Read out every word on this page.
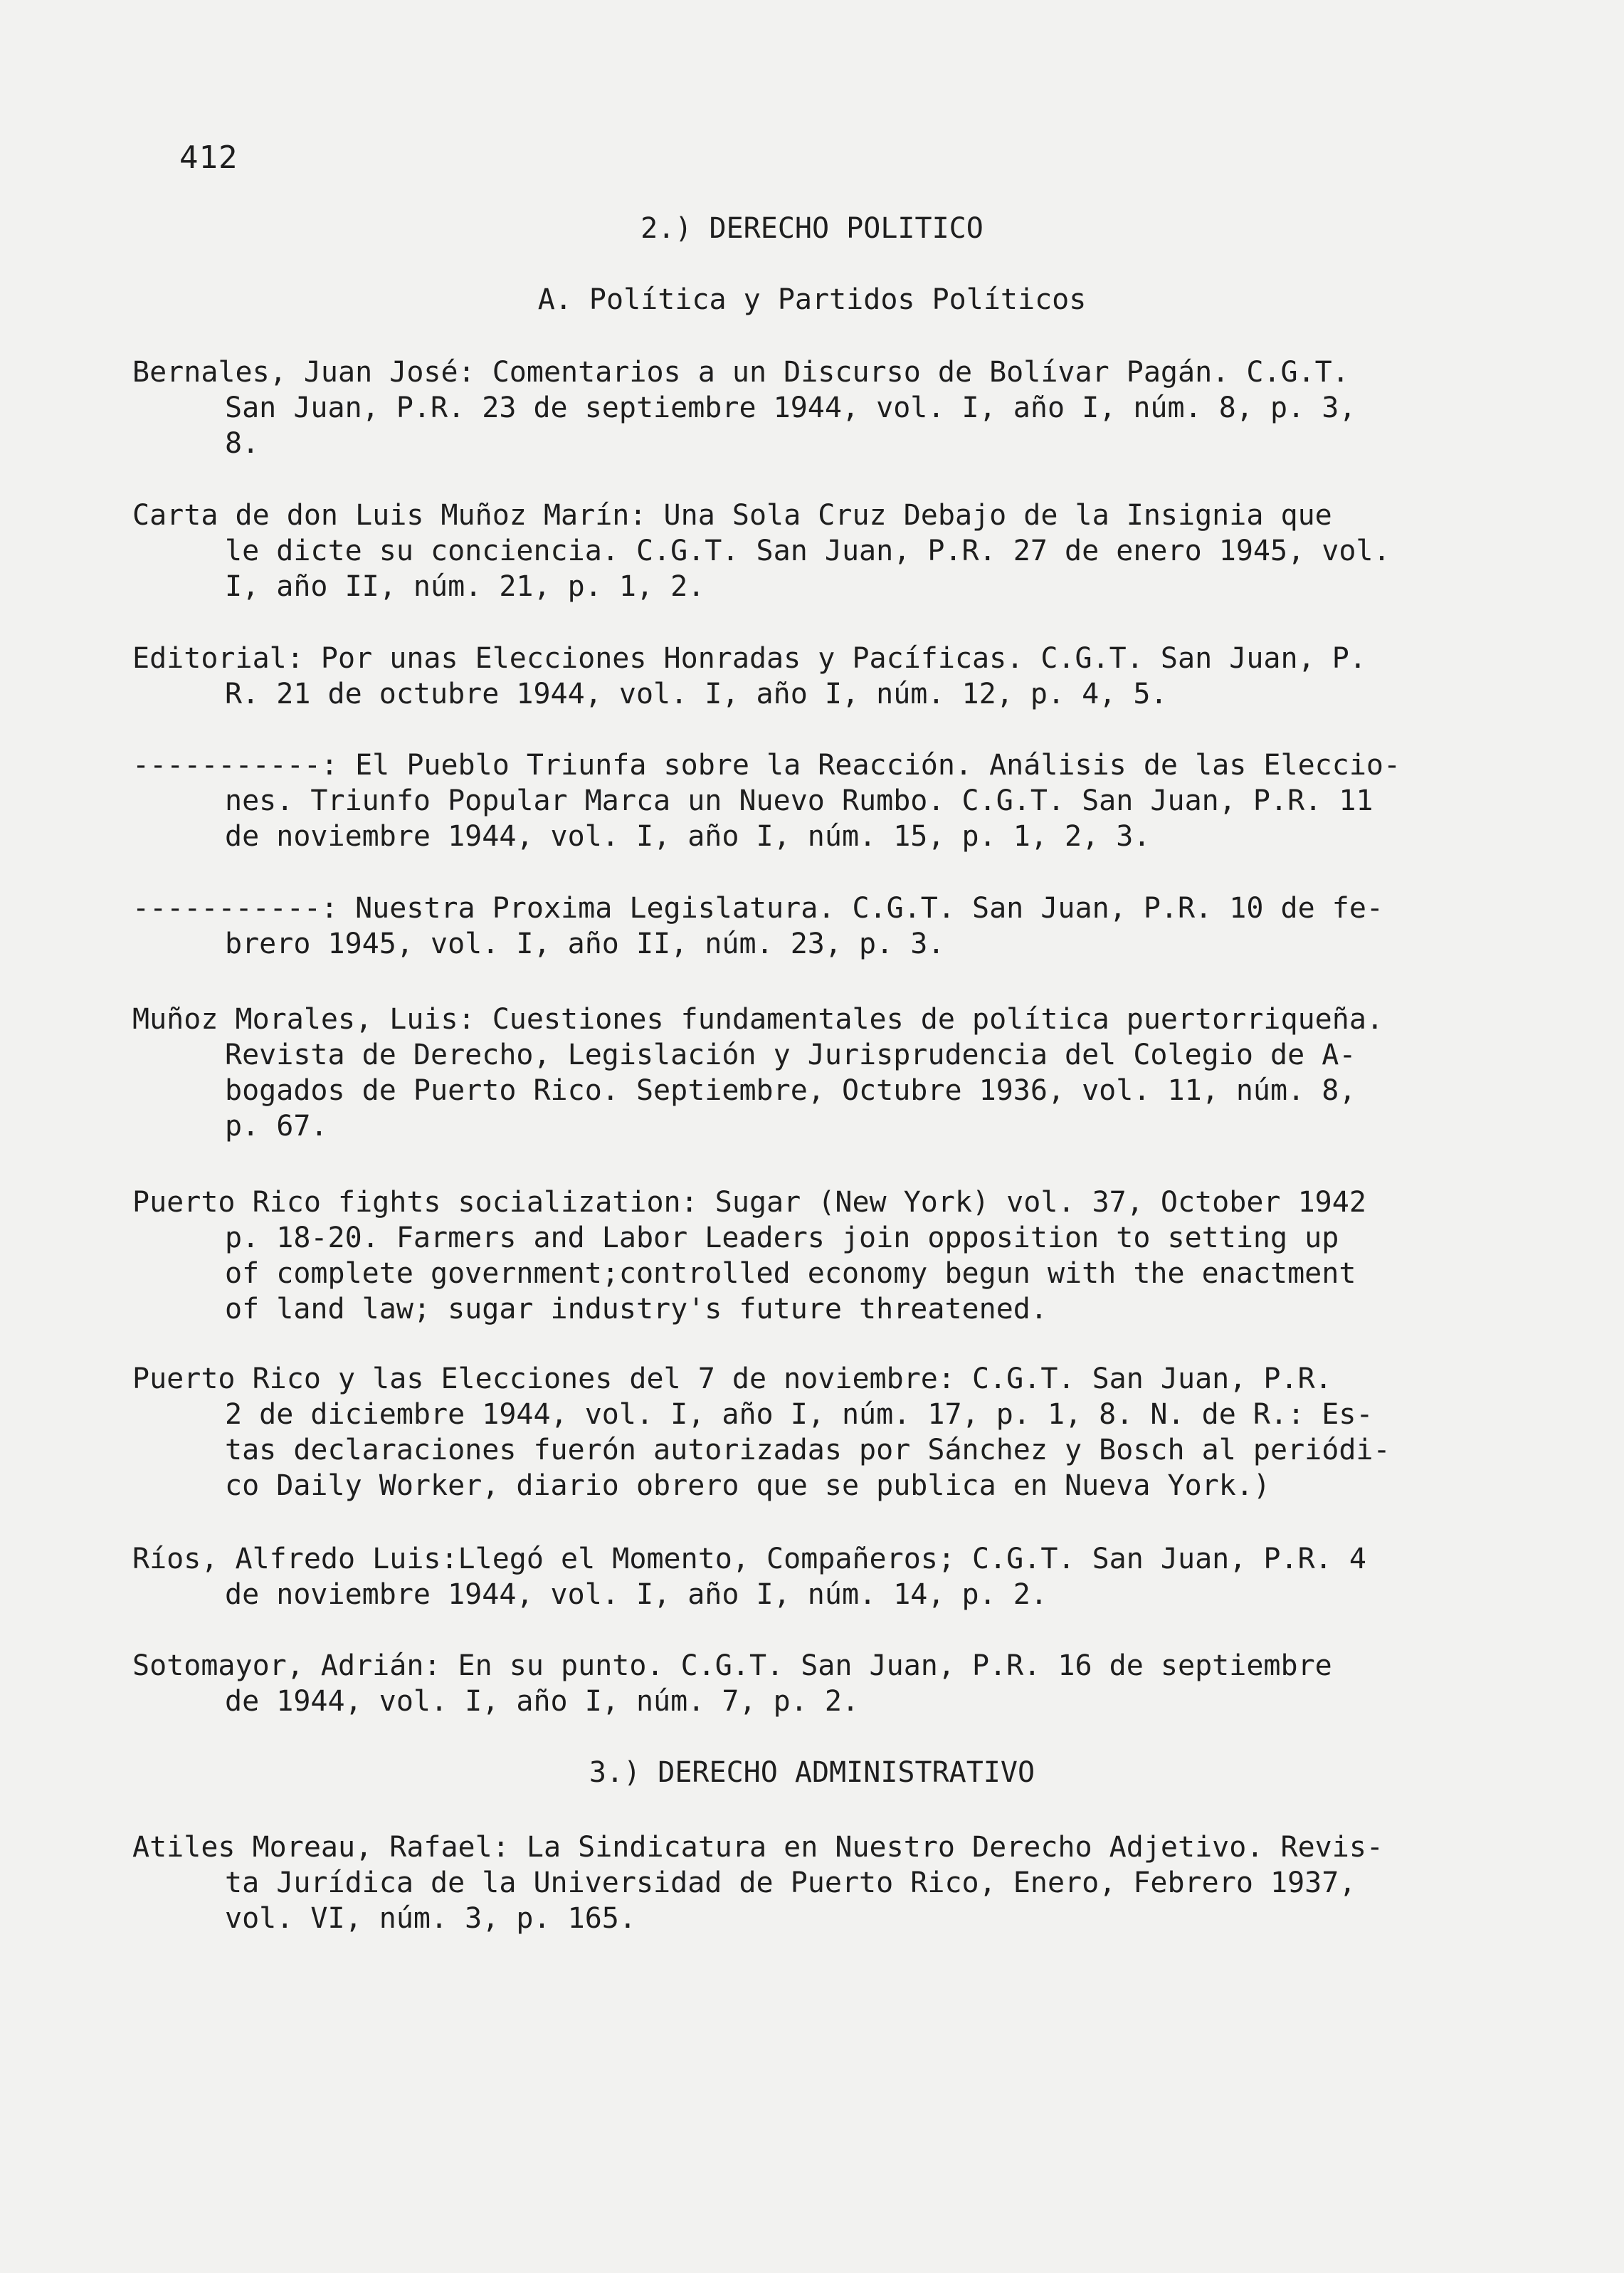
412
2.) DERECHO POLITICO
A. Política y Partidos Políticos
Bernales, Juan José: Comentarios a un Discurso de Bolívar Pagán. C.G.T.
San Juan, P.R. 23 de septiembre 1944, vol. I, año I, núm. 8, p. 3,
8.
Carta de don Luis Muñoz Marín: Una Sola Cruz Debajo de la Insignia que
le dicte su conciencia. C.G.T. San Juan, P.R. 27 de enero 1945, vol.
I, año II, núm. 21, p. 1, 2.
Editorial: Por unas Elecciones Honradas y Pacíficas. C.G.T. San Juan, P.
R. 21 de octubre 1944, vol. I, año I, núm. 12, p. 4, 5.
-----------: El Pueblo Triunfa sobre la Reacción. Análisis de las Eleccio-
nes. Triunfo Popular Marca un Nuevo Rumbo. C.G.T. San Juan, P.R. 11
de noviembre 1944, vol. I, año I, núm. 15, p. 1, 2, 3.
-----------: Nuestra Proxima Legislatura. C.G.T. San Juan, P.R. 10 de fe-
brero 1945, vol. I, año II, núm. 23, p. 3.
Muñoz Morales, Luis: Cuestiones fundamentales de política puertorriqueña.
Revista de Derecho, Legislación y Jurisprudencia del Colegio de A-
bogados de Puerto Rico. Septiembre, Octubre 1936, vol. 11, núm. 8,
p. 67.
Puerto Rico fights socialization: Sugar (New York) vol. 37, October 1942
p. 18-20. Farmers and Labor Leaders join opposition to setting up
of complete government;controlled economy begun with the enactment
of land law; sugar industry's future threatened.
Puerto Rico y las Elecciones del 7 de noviembre: C.G.T. San Juan, P.R.
2 de diciembre 1944, vol. I, año I, núm. 17, p. 1, 8. N. de R.: Es-
tas declaraciones fuerón autorizadas por Sánchez y Bosch al periódi-
co Daily Worker, diario obrero que se publica en Nueva York.)
Ríos, Alfredo Luis:Llegó el Momento, Compañeros; C.G.T. San Juan, P.R. 4
de noviembre 1944, vol. I, año I, núm. 14, p. 2.
Sotomayor, Adrián: En su punto. C.G.T. San Juan, P.R. 16 de septiembre
de 1944, vol. I, año I, núm. 7, p. 2.
3.) DERECHO ADMINISTRATIVO
Atiles Moreau, Rafael: La Sindicatura en Nuestro Derecho Adjetivo. Revis-
ta Jurídica de la Universidad de Puerto Rico, Enero, Febrero 1937,
vol. VI, núm. 3, p. 165.
